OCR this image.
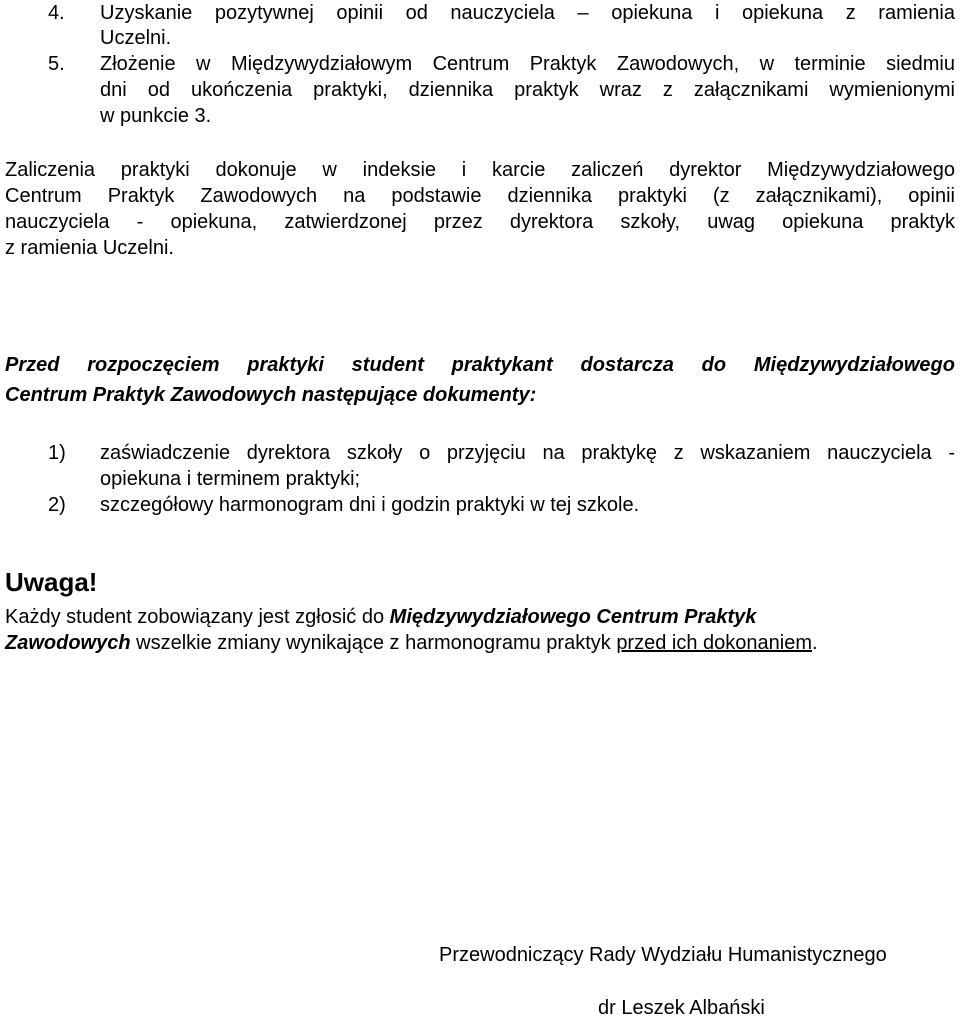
4. Uzyskanie pozytywnej opinii od nauczyciela – opiekuna i opiekuna z ramienia
Uczelni.
5. Złożenie w Międzywydziałowym Centrum Praktyk Zawodowych, w terminie siedmiu
dni od ukończenia praktyki, dziennika praktyk wraz z załącznikami wymienionymi
w punkcie 3.
Zaliczenia praktyki dokonuje w indeksie i karcie zaliczeń dyrektor Międzywydziałowego
Centrum Praktyk Zawodowych na podstawie dziennika praktyki (z załącznikami), opinii
nauczyciela - opiekuna, zatwierdzonej przez dyrektora szkoły, uwag opiekuna praktyk
z ramienia Uczelni.
Przed rozpoczęciem praktyki student praktykant dostarcza do Międzywydziałowego
Centrum Praktyk Zawodowych następujące dokumenty:
1) zaświadczenie dyrektora szkoły o przyjęciu na praktykę z wskazaniem nauczyciela -
opiekuna i terminem praktyki;
2) szczegółowy harmonogram dni i godzin praktyki w tej szkole.
Uwaga!
Każdy student zobowiązany jest zgłosić do Międzywydziałowego Centrum Praktyk
Zawodowych wszelkie zmiany wynikające z harmonogramu praktyk przed ich dokonaniem.
Przewodniczący Rady Wydziału Humanistycznego
dr Leszek Albański
